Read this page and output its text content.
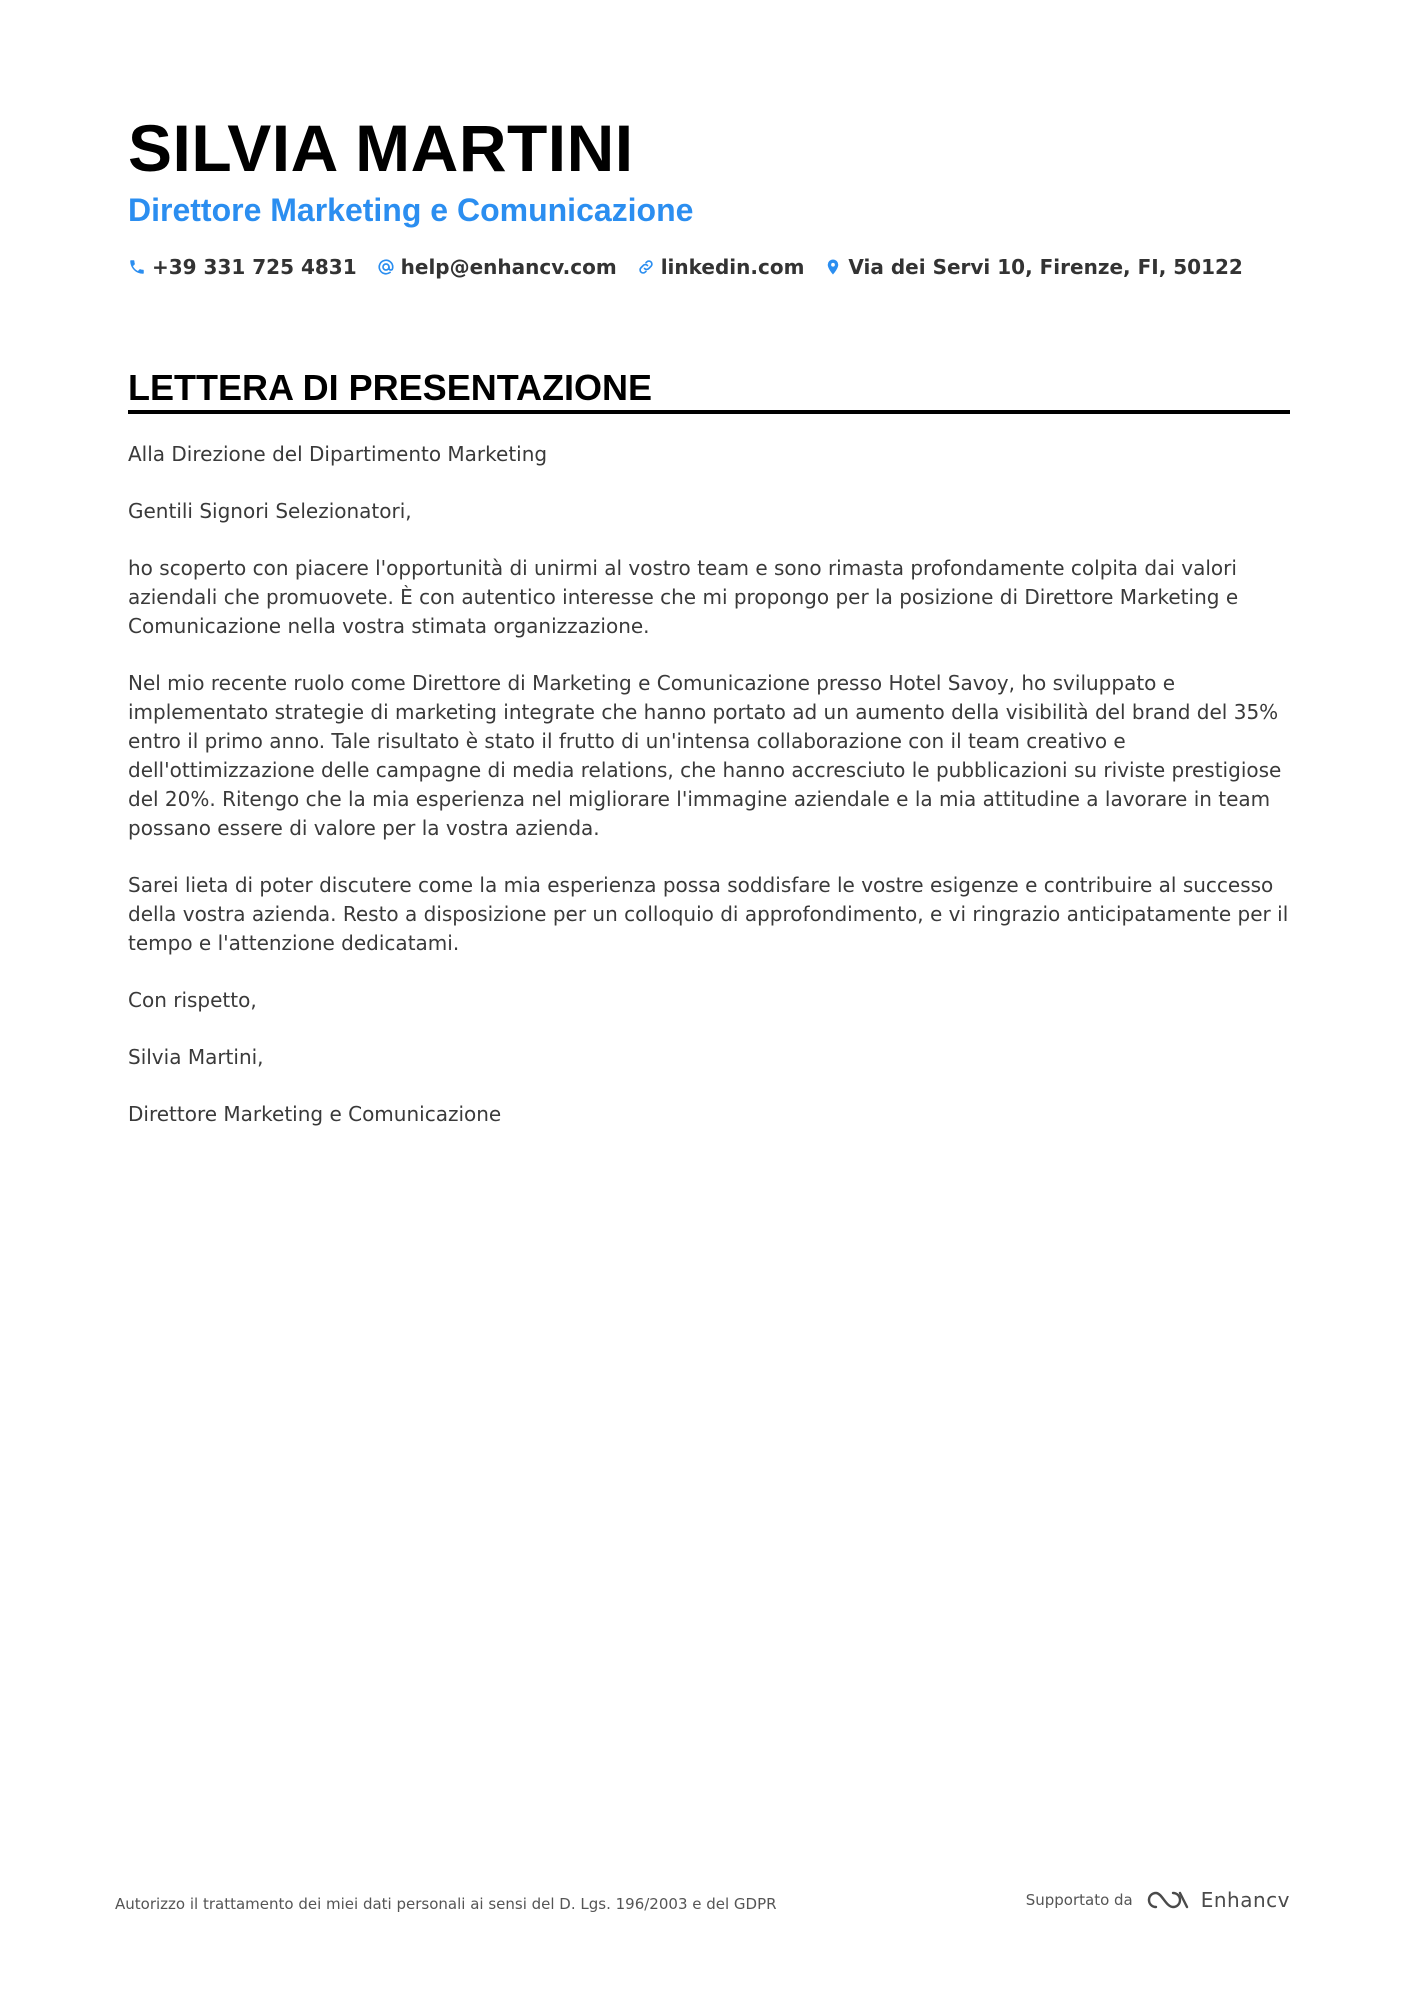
SILVIA MARTINI
Direttore Marketing e Comunicazione
+39 331 725 4831 help@enhancv.com linkedin.com Via dei Servi 10, Firenze, FI, 50122
LETTERA DI PRESENTAZIONE

Alla Direzione del Dipartimento Marketing

Gentili Signori Selezionatori,

ho scoperto con piacere l'opportunità di unirmi al vostro team e sono rimasta profondamente colpita dai valori aziendali che promuovete. È con autentico interesse che mi propongo per la posizione di Direttore Marketing e Comunicazione nella vostra stimata organizzazione.

Nel mio recente ruolo come Direttore di Marketing e Comunicazione presso Hotel Savoy, ho sviluppato e implementato strategie di marketing integrate che hanno portato ad un aumento della visibilità del brand del 35% entro il primo anno. Tale risultato è stato il frutto di un'intensa collaborazione con il team creativo e dell'ottimizzazione delle campagne di media relations, che hanno accresciuto le pubblicazioni su riviste prestigiose del 20%. Ritengo che la mia esperienza nel migliorare l'immagine aziendale e la mia attitudine a lavorare in team possano essere di valore per la vostra azienda.

Sarei lieta di poter discutere come la mia esperienza possa soddisfare le vostre esigenze e contribuire al successo della vostra azienda. Resto a disposizione per un colloquio di approfondimento, e vi ringrazio anticipatamente per il tempo e l'attenzione dedicatami.

Con rispetto,

Silvia Martini,

Direttore Marketing e Comunicazione

Autorizzo il trattamento dei miei dati personali ai sensi del D. Lgs. 196/2003 e del GDPR	Supportato da	Enhancv
